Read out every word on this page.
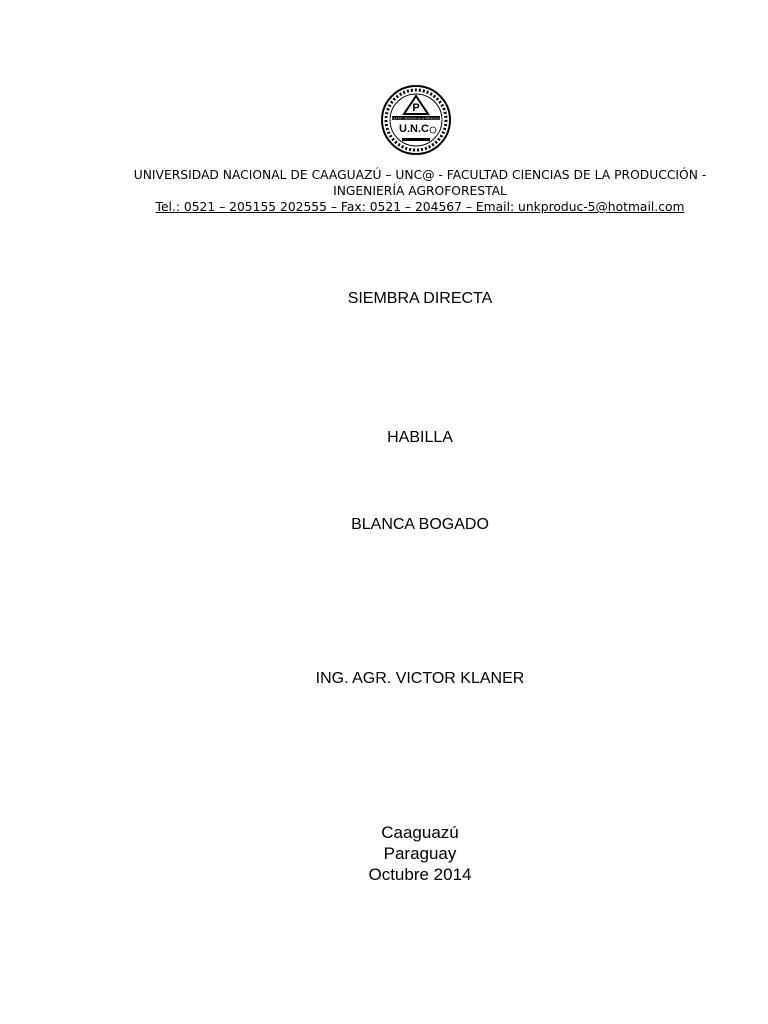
P
FACULTAD CIENCIAS de la PRODUCCIÓN
U.N.C
UNIVERSIDAD NACIONAL DE CAAGUAZÚ – UNC@ - FACULTAD CIENCIAS DE LA PRODUCCIÓN -
INGENIERÍA AGROFORESTAL
Tel.: 0521 – 205155 202555 – Fax: 0521 – 204567 – Email: unkproduc-5@hotmail.com
SIEMBRA DIRECTA
HABILLA
BLANCA BOGADO
ING. AGR. VICTOR KLANER
Caaguazú
Paraguay
Octubre 2014
